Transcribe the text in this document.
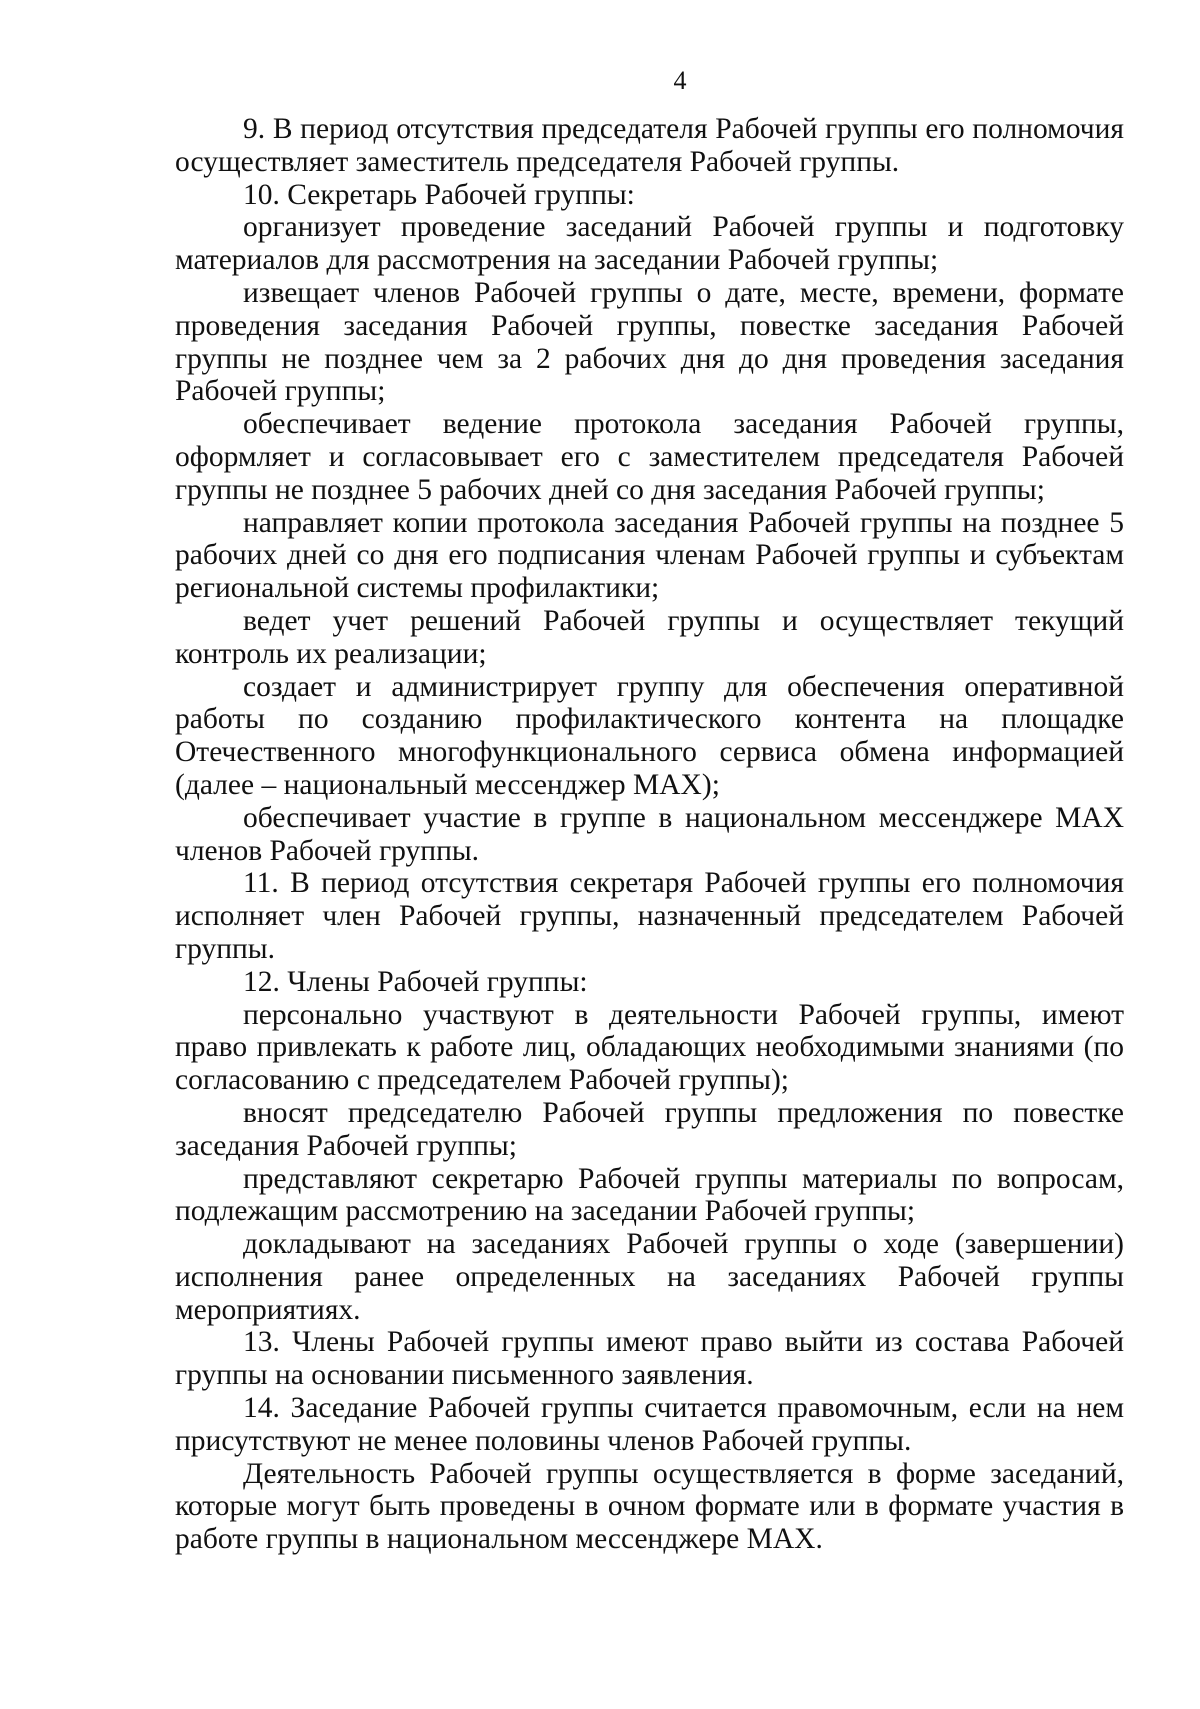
4

9. В период отсутствия председателя Рабочей группы его полномочия осуществляет заместитель председателя Рабочей группы.

10. Секретарь Рабочей группы:

организует проведение заседаний Рабочей группы и подготовку материалов для рассмотрения на заседании Рабочей группы;

извещает членов Рабочей группы о дате, месте, времени, формате проведения заседания Рабочей группы, повестке заседания Рабочей группы не позднее чем за 2 рабочих дня до дня проведения заседания Рабочей группы;

обеспечивает ведение протокола заседания Рабочей группы, оформляет и согласовывает его с заместителем председателя Рабочей группы не позднее 5 рабочих дней со дня заседания Рабочей группы;

направляет копии протокола заседания Рабочей группы на позднее 5 рабочих дней со дня его подписания членам Рабочей группы и субъектам региональной системы профилактики;

ведет учет решений Рабочей группы и осуществляет текущий контроль их реализации;

создает и администрирует группу для обеспечения оперативной работы по созданию профилактического контента на площадке Отечественного многофункционального сервиса обмена информацией (далее – национальный мессенджер MAX);

обеспечивает участие в группе в национальном мессенджере MAX членов Рабочей группы.

11. В период отсутствия секретаря Рабочей группы его полномочия исполняет член Рабочей группы, назначенный председателем Рабочей группы.

12. Члены Рабочей группы:

персонально участвуют в деятельности Рабочей группы, имеют право привлекать к работе лиц, обладающих необходимыми знаниями (по согласованию с председателем Рабочей группы);

вносят председателю Рабочей группы предложения по повестке заседания Рабочей группы;

представляют секретарю Рабочей группы материалы по вопросам, подлежащим рассмотрению на заседании Рабочей группы;

докладывают на заседаниях Рабочей группы о ходе (завершении) исполнения ранее определенных на заседаниях Рабочей группы мероприятиях.

13. Члены Рабочей группы имеют право выйти из состава Рабочей группы на основании письменного заявления.

14. Заседание Рабочей группы считается правомочным, если на нем присутствуют не менее половины членов Рабочей группы.

Деятельность Рабочей группы осуществляется в форме заседаний, которые могут быть проведены в очном формате или в формате участия в работе группы в национальном мессенджере MAX.
